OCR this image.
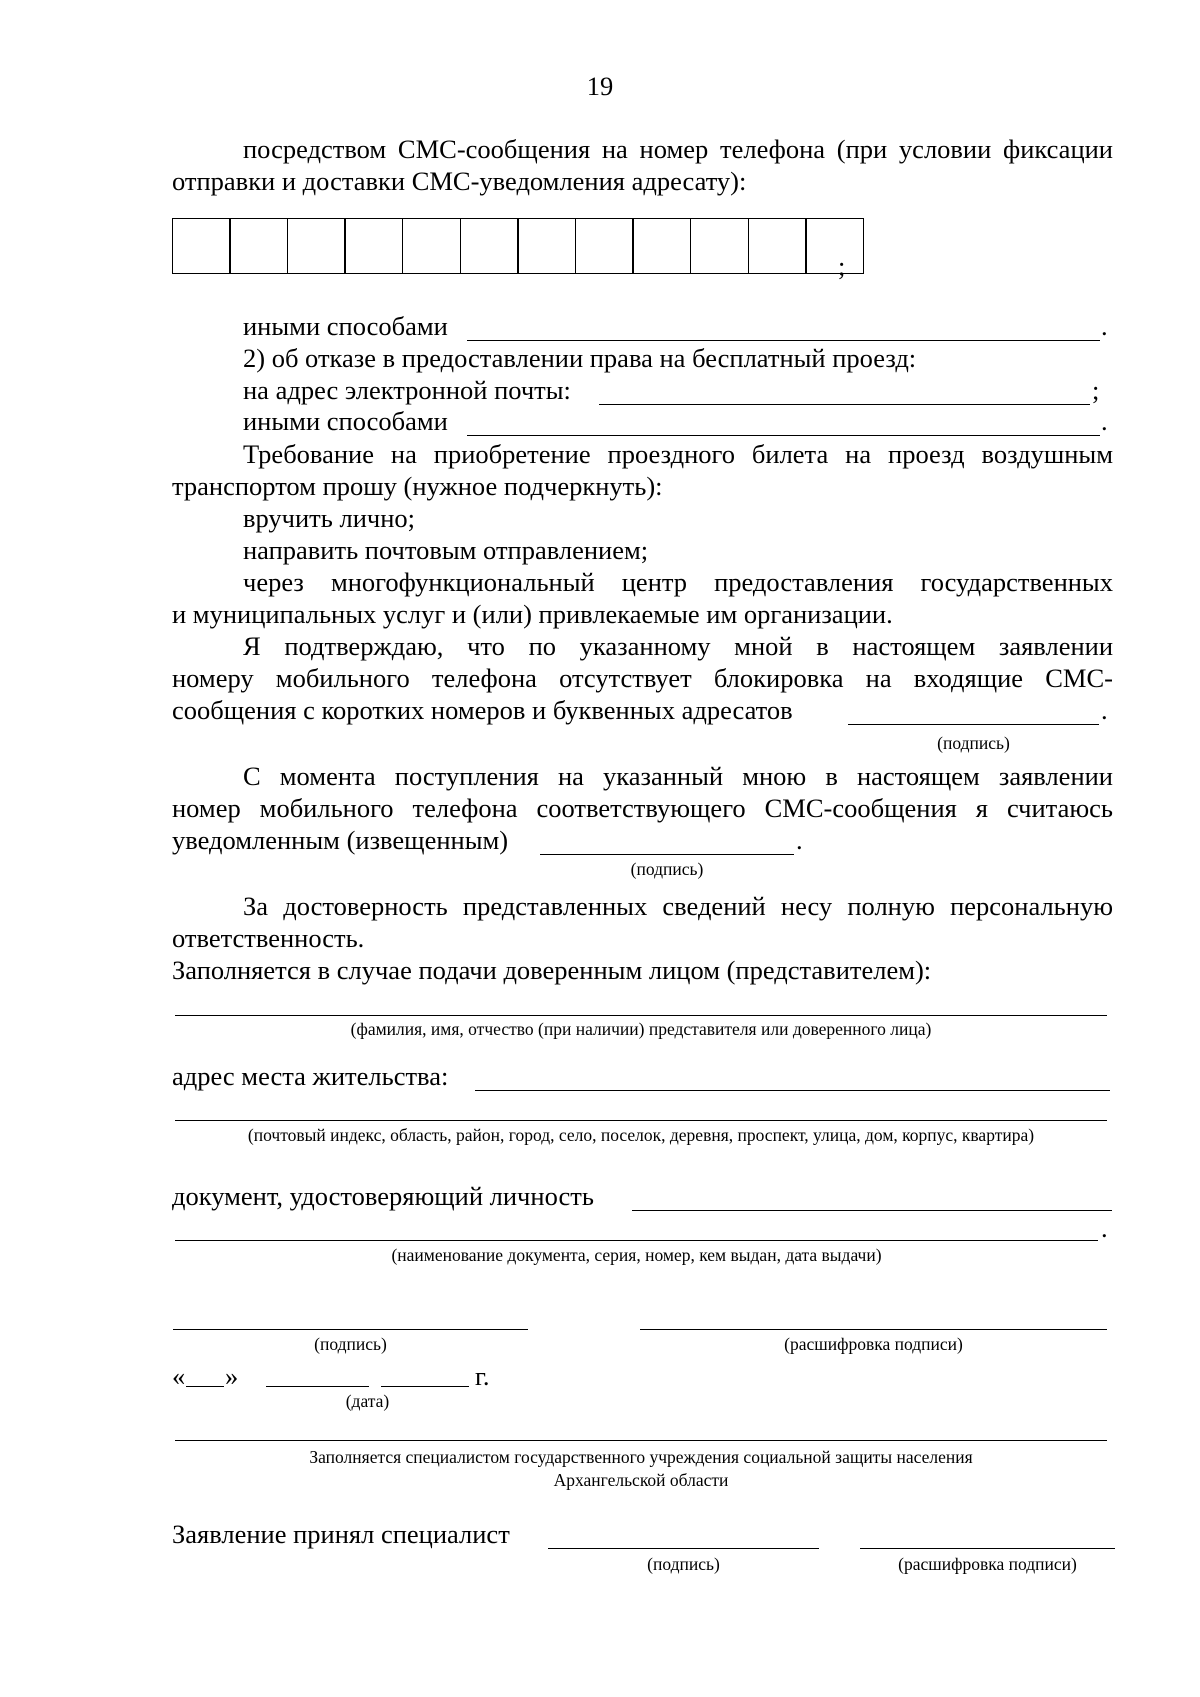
19
посредством СМС-сообщения на номер телефона (при условии фиксации
отправки и доставки СМС-уведомления адресату):
;
иными способами	.
2) об отказе в предоставлении права на бесплатный проезд:
на адрес электронной почты:	;
иными способами	.
Требование на приобретение проездного билета на проезд воздушным
транспортом прошу (нужное подчеркнуть):
вручить лично;
направить почтовым отправлением;
через многофункциональный центр предоставления государственных
и муниципальных услуг и (или) привлекаемые им организации.
Я подтверждаю, что по указанному мной в настоящем заявлении
номеру мобильного телефона отсутствует блокировка на входящие СМС-
сообщения с коротких номеров и буквенных адресатов	.
(подпись)
С момента поступления на указанный мною в настоящем заявлении
номер мобильного телефона соответствующего СМС-сообщения я считаюсь
уведомленным (извещенным)	.
(подпись)
За достоверность представленных сведений несу полную персональную
ответственность.
Заполняется в случае подачи доверенным лицом (представителем):
(фамилия, имя, отчество (при наличии) представителя или доверенного лица)
адрес места жительства:
(почтовый индекс, область, район, город, село, поселок, деревня, проспект, улица, дом, корпус, квартира)
документ, удостоверяющий личность
.
(наименование документа, серия, номер, кем выдан, дата выдачи)
(подпись)	(расшифровка подписи)
« »	г.
(дата)
Заполняется специалистом государственного учреждения социальной защиты населения
Архангельской области
Заявление принял специалист
(подпись)	(расшифровка подписи)
